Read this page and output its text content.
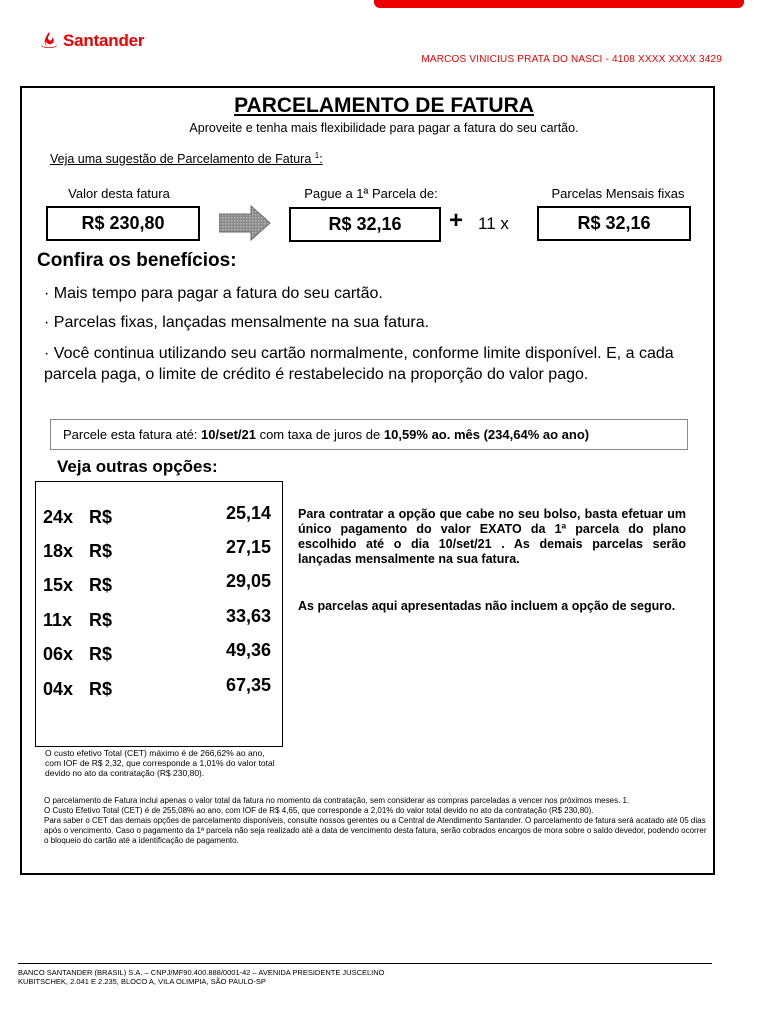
Santander
MARCOS VINICIUS PRATA DO NASCI - 4108 XXXX XXXX 3429
PARCELAMENTO DE FATURA
Aproveite e tenha mais flexibilidade para pagar a fatura do seu cartão.
Veja uma sugestão de Parcelamento de Fatura $^1$:
Valor desta fatura
R$ 230,80
Pague a 1ª Parcela de:
R$ 32,16 + 11 x
Parcelas Mensais fixas
R$ 32,16
Confira os benefícios:
· Mais tempo para pagar a fatura do seu cartão.
· Parcelas fixas, lançadas mensalmente na sua fatura.
· Você continua utilizando seu cartão normalmente, conforme limite disponível. E, a cada parcela paga, o limite de crédito é restabelecido na proporção do valor pago.
Parcele esta fatura até: 10/set/21 com taxa de juros de 10,59% ao. mês (234,64% ao ano)
Veja outras opções:
24x R$	25,14
18x R$	27,15
15x R$	29,05
11x R$	33,63
06x R$	49,36
04x R$	67,35
O custo efetivo Total (CET) máximo é de 266,62% ao ano, com IOF de R$ 2,32, que corresponde a 1,01% do valor total devido no ato da contratação (R$ 230,80).
Para contratar a opção que cabe no seu bolso, basta efetuar um único pagamento do valor EXATO da 1ª parcela do plano escolhido até o dia 10/set/21 . As demais parcelas serão lançadas mensalmente na sua fatura.
As parcelas aqui apresentadas não incluem a opção de seguro.
O parcelamento de Fatura inclui apenas o valor total da fatura no momento da contratação, sem considerar as compras parceladas a vencer nos próximos meses. 1.
O Custo Efetivo Total (CET) é de 255,08% ao ano, com IOF de R$ 4,65, que corresponde a 2,01% do valor total devido no ato da contratação (R$ 230,80).
Para saber o CET das demais opções de parcelamento disponíveis, consulte nossos gerentes ou a Central de Atendimento Santander. O parcelamento de fatura será acatado até 05 dias após o vencimento. Caso o pagamento da 1ª parcela não seja realizado até a data de vencimento desta fatura, serão cobrados encargos de mora sobre o saldo devedor, podendo ocorrer o bloqueio do cartão até a identificação de pagamento.
BANCO SANTANDER (BRASIL) S.A. – CNPJ/MF90.400.888/0001-42 – AVENIDA PRESIDENTE JUSCELINO
KUBITSCHEK, 2.041 E 2.235, BLOCO A, VILA OLIMPIA, SÃO PAULO-SP
